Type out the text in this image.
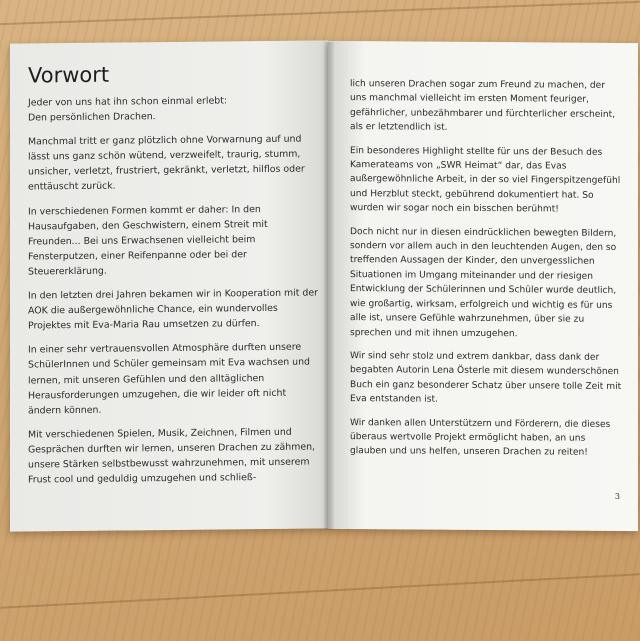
Vorwort

Jeder von uns hat ihn schon einmal erlebt:
Den persönlichen Drachen.

Manchmal tritt er ganz plötzlich ohne Vorwarnung auf und lässt uns ganz schön wütend, verzweifelt, traurig, stumm, unsicher, verletzt, frustriert, gekränkt, verletzt, hilflos oder enttäuscht zurück.

In verschiedenen Formen kommt er daher: In den Hausaufgaben, den Geschwistern, einem Streit mit Freunden... Bei uns Erwachsenen vielleicht beim Fensterputzen, einer Reifenpanne oder bei der Steuererklärung.

In den letzten drei Jahren bekamen wir in Kooperation mit der AOK die außergewöhnliche Chance, ein wundervolles Projektes mit Eva-Maria Rau umsetzen zu dürfen.

In einer sehr vertrauensvollen Atmosphäre durften unsere SchülerInnen und Schüler gemeinsam mit Eva wachsen und lernen, mit unseren Gefühlen und den alltäglichen Herausforderungen umzugehen, die wir leider oft nicht ändern können.

Mit verschiedenen Spielen, Musik, Zeichnen, Filmen und Gesprächen durften wir lernen, unseren Drachen zu zähmen, unsere Stärken selbstbewusst wahrzunehmen, mit unserem Frust cool und geduldig umzugehen und schließ-

lich unseren Drachen sogar zum Freund zu machen, der uns manchmal vielleicht im ersten Moment feuriger, gefährlicher, unbezähmbarer und fürchterlicher erscheint, als er letztendlich ist.

Ein besonderes Highlight stellte für uns der Besuch des Kamerateams von „SWR Heimat“ dar, das Evas außergewöhnliche Arbeit, in der so viel Fingerspitzengefühl und Herzblut steckt, gebührend dokumentiert hat. So wurden wir sogar noch ein bisschen berühmt!

Doch nicht nur in diesen eindrücklichen bewegten Bildern, sondern vor allem auch in den leuchtenden Augen, den so treffenden Aussagen der Kinder, den unvergesslichen Situationen im Umgang miteinander und der riesigen Entwicklung der Schülerinnen und Schüler wurde deutlich, wie großartig, wirksam, erfolgreich und wichtig es für uns alle ist, unsere Gefühle wahrzunehmen, über sie zu sprechen und mit ihnen umzugehen.

Wir sind sehr stolz und extrem dankbar, dass dank der begabten Autorin Lena Österle mit diesem wunderschönen Buch ein ganz besonderer Schatz über unsere tolle Zeit mit Eva entstanden ist.

Wir danken allen Unterstützern und Förderern, die dieses überaus wertvolle Projekt ermöglicht haben, an uns glauben und uns helfen, unseren Drachen zu reiten!

3
